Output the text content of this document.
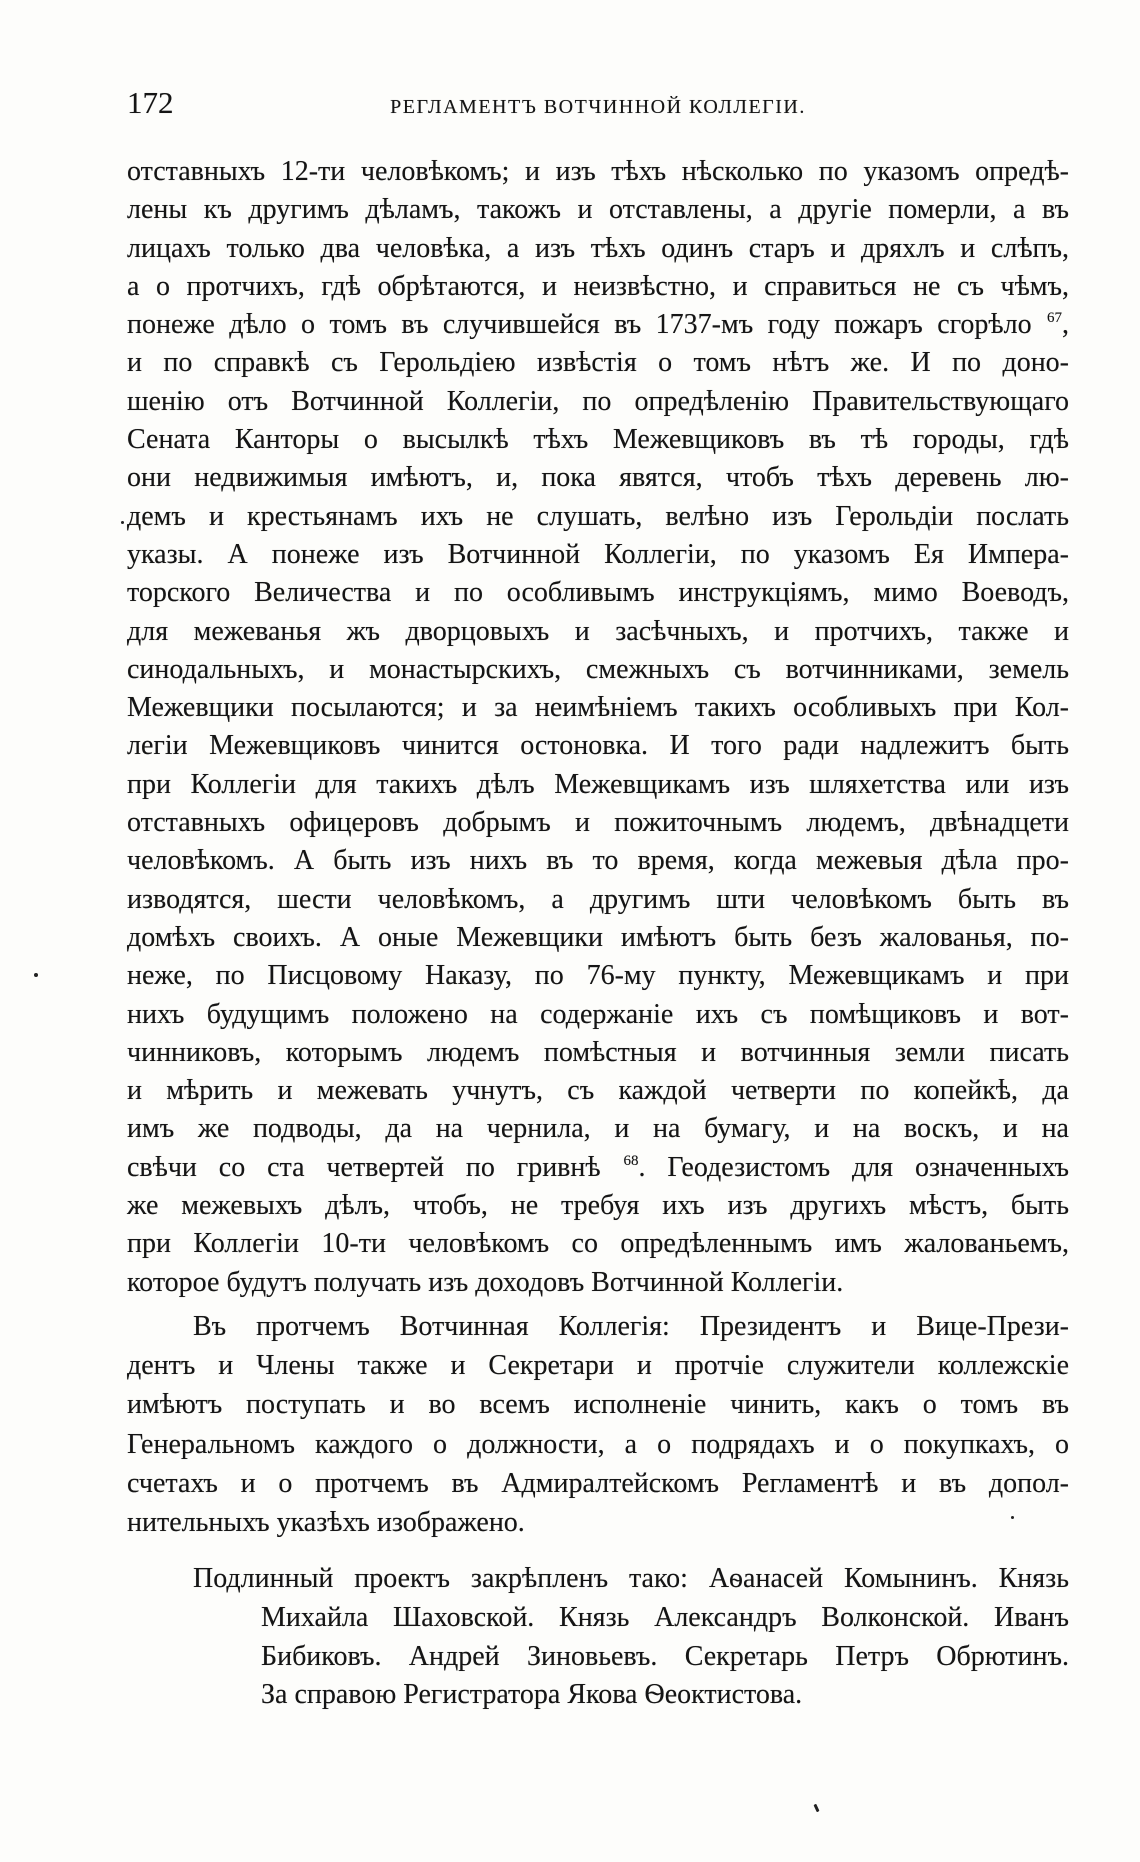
172	РЕГЛАМЕНТЪ ВОТЧИННОЙ КОЛЛЕГІИ.
отставныхъ 12-ти человѣкомъ; и изъ тѣхъ нѣсколько по указомъ опредѣ-
лены къ другимъ дѣламъ, такожъ и отставлены, а другіе померли, а въ
лицахъ только два человѣка, а изъ тѣхъ одинъ старъ и дряхлъ и слѣпъ,
а о протчихъ, гдѣ обрѣтаются, и неизвѣстно, и справиться не съ чѣмъ,
понеже дѣло о томъ въ случившейся въ 1737-мъ году пожаръ сгорѣло $^{67}$,
и по справкѣ съ Герольдіею извѣстія о томъ нѣтъ же. И по доно-
шенію отъ Вотчинной Коллегіи, по опредѣленію Правительствующаго
Сената Канторы о высылкѣ тѣхъ Межевщиковъ въ тѣ городы, гдѣ
они недвижимыя имѣютъ, и, пока явятся, чтобъ тѣхъ деревень лю-
демъ и крестьянамъ ихъ не слушать, велѣно изъ Герольдіи послать
указы. А понеже изъ Вотчинной Коллегіи, по указомъ Ея Импера-
торского Величества и по особливымъ инструкціямъ, мимо Воеводъ,
для межеванья жъ дворцовыхъ и засѣчныхъ, и протчихъ, также и
синодальныхъ, и монастырскихъ, смежныхъ съ вотчинниками, земель
Межевщики посылаются; и за неимѣніемъ такихъ особливыхъ при Кол-
легіи Межевщиковъ чинится остоновка. И того ради надлежитъ быть
при Коллегіи для такихъ дѣлъ Межевщикамъ изъ шляхетства или изъ
отставныхъ офицеровъ добрымъ и пожиточнымъ людемъ, двѣнадцети
человѣкомъ. А быть изъ нихъ въ то время, когда межевыя дѣла про-
изводятся, шести человѣкомъ, а другимъ шти человѣкомъ быть въ
домѣхъ своихъ. А оные Межевщики имѣютъ быть безъ жалованья, по-
неже, по Писцовому Наказу, по 76-му пункту, Межевщикамъ и при
нихъ будущимъ положено на содержаніе ихъ съ помѣщиковъ и вот-
чинниковъ, которымъ людемъ помѣстныя и вотчинныя земли писать
и мѣрить и межевать учнутъ, съ каждой четверти по копейкѣ, да
имъ же подводы, да на чернила, и на бумагу, и на воскъ, и на
свѣчи со ста четвертей по гривнѣ $^{68}$. Геодезистомъ для означенныхъ
же межевыхъ дѣлъ, чтобъ, не требуя ихъ изъ другихъ мѣстъ, быть
при Коллегіи 10-ти человѣкомъ со опредѣленнымъ имъ жалованьемъ,
которое будутъ получать изъ доходовъ Вотчинной Коллегіи.
Въ протчемъ Вотчинная Коллегія: Президентъ и Вице-Прези-
дентъ и Члены также и Секретари и протчіе служители коллежскіе
имѣютъ поступать и во всемъ исполненіе чинить, какъ о томъ въ
Генеральномъ каждого о должности, а о подрядахъ и о покупкахъ, о
счетахъ и о протчемъ въ Адмиралтейскомъ Регламентѣ и въ допол-
нительныхъ указѣхъ изображено.
Подлинный проектъ закрѣпленъ тако: Аѳанасей Комынинъ. Князь
Михайла Шаховской. Князь Александръ Волконской. Иванъ
Бибиковъ. Андрей Зиновьевъ. Секретарь Петръ Обрютинъ.
За справою Регистратора Якова Ѳеоктистова.
